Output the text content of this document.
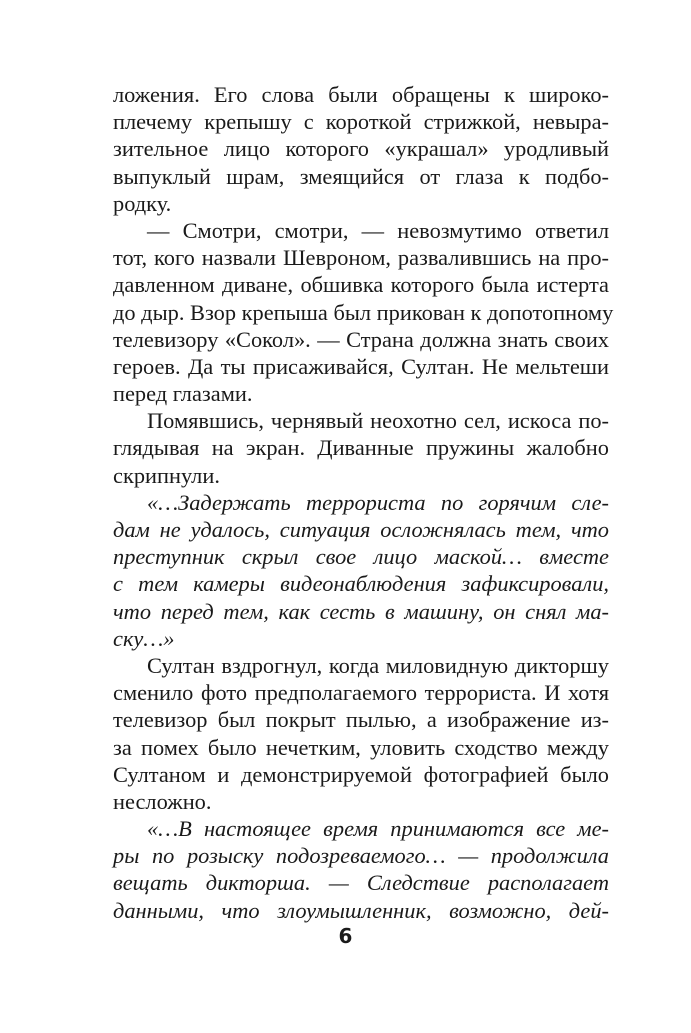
ложения. Его слова были обращены к широко-
плечему крепышу с короткой стрижкой, невыра-
зительное лицо которого «украшал» уродливый
выпуклый шрам, змеящийся от глаза к подбо-
родку.
— Смотри, смотри, — невозмутимо ответил
тот, кого назвали Шевроном, развалившись на про-
давленном диване, обшивка которого была истерта
до дыр. Взор крепыша был прикован к допотопному
телевизору «Сокол». — Страна должна знать своих
героев. Да ты присаживайся, Султан. Не мельтеши
перед глазами.
Помявшись, чернявый неохотно сел, искоса по-
глядывая на экран. Диванные пружины жалобно
скрипнули.
«…Задержать террориста по горячим сле-
дам не удалось, ситуация осложнялась тем, что
преступник скрыл свое лицо маской… вместе
с тем камеры видеонаблюдения зафиксировали,
что перед тем, как сесть в машину, он снял ма-
ску…»
Султан вздрогнул, когда миловидную дикторшу
сменило фото предполагаемого террориста. И хотя
телевизор был покрыт пылью, а изображение из-
за помех было нечетким, уловить сходство между
Султаном и демонстрируемой фотографией было
несложно.
«…В настоящее время принимаются все ме-
ры по розыску подозреваемого… — продолжила
вещать дикторша. — Следствие располагает
данными, что злоумышленник, возможно, дей-
6
